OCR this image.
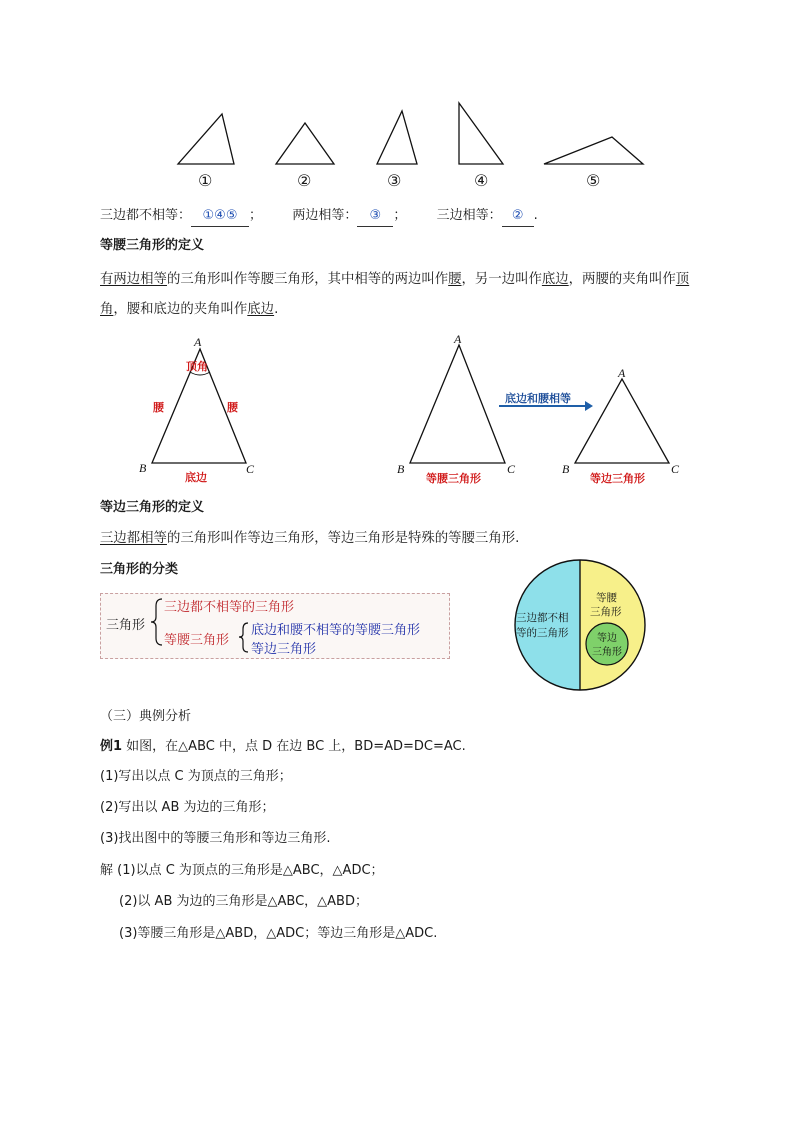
①	②	③	④	⑤
三边都不相等： ①④⑤ ； 两边相等： ③ ； 三边相等： ② .
等腰三角形的定义
有两边相等的三角形叫作等腰三角形，其中相等的两边叫作腰，另一边叫作底边，两腰的夹角叫作顶
角，腰和底边的夹角叫作底边.
A
B	C
顶角
腰	腰
底边
A
B	C
等腰三角形
底边和腰相等
A
B	C
等边三角形
等边三角形的定义
三边都相等的三角形叫作等边三角形，等边三角形是特殊的等腰三角形.
三角形的分类
三角形
三边都不相等的三角形
等腰三角形
底边和腰不相等的等腰三角形
等边三角形
三边都不相
等的三角形
等腰
三角形
等边
三角形
（三）典例分析
例1 如图，在△ABC 中，点 D 在边 BC 上，BD=AD=DC=AC.
(1)写出以点 C 为顶点的三角形；
(2)写出以 AB 为边的三角形；
(3)找出图中的等腰三角形和等边三角形.
解 (1)以点 C 为顶点的三角形是△ABC，△ADC；
(2)以 AB 为边的三角形是△ABC，△ABD；
(3)等腰三角形是△ABD，△ADC；等边三角形是△ADC.
